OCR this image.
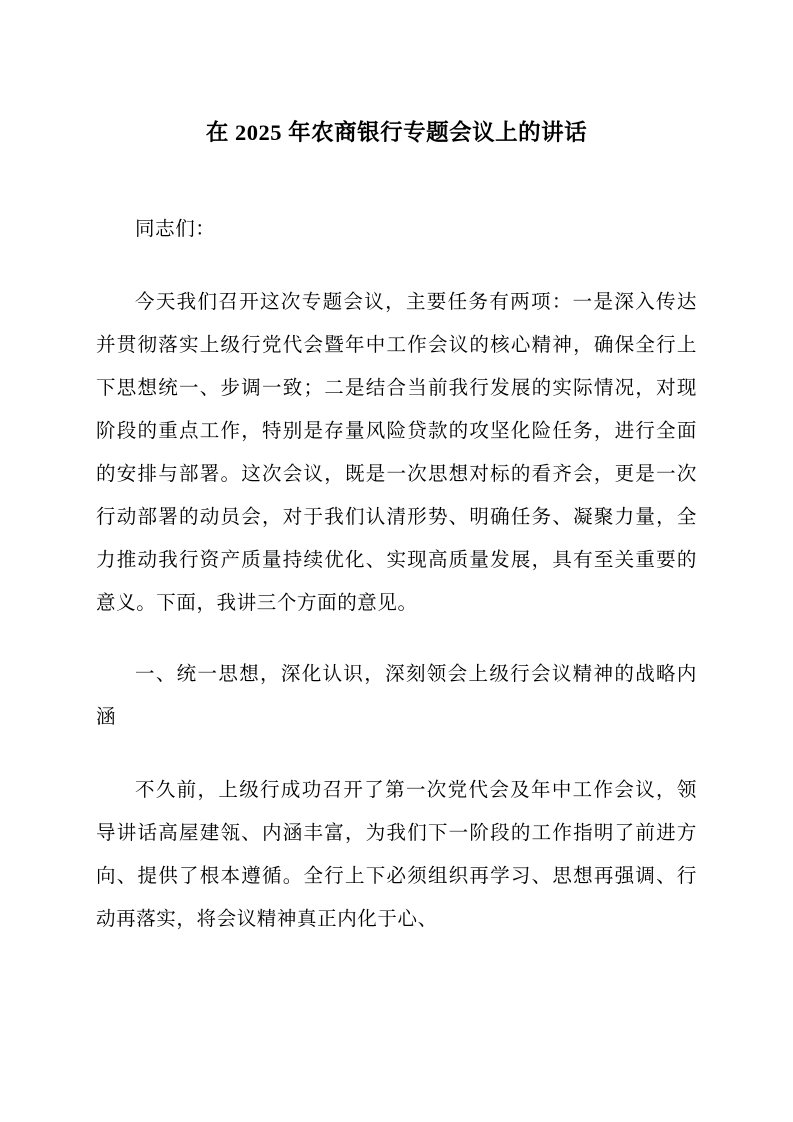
在 2025 年农商银行专题会议上的讲话

同志们：

今天我们召开这次专题会议，主要任务有两项：一是深入传达并贯彻落实上级行党代会暨年中工作会议的核心精神，确保全行上下思想统一、步调一致；二是结合当前我行发展的实际情况，对现阶段的重点工作，特别是存量风险贷款的攻坚化险任务，进行全面的安排与部署。这次会议，既是一次思想对标的看齐会，更是一次行动部署的动员会，对于我们认清形势、明确任务、凝聚力量，全力推动我行资产质量持续优化、实现高质量发展，具有至关重要的意义。下面，我讲三个方面的意见。

一、统一思想，深化认识，深刻领会上级行会议精神的战略内涵

不久前，上级行成功召开了第一次党代会及年中工作会议，领导讲话高屋建瓴、内涵丰富，为我们下一阶段的工作指明了前进方向、提供了根本遵循。全行上下必须组织再学习、思想再强调、行动再落实，将会议精神真正内化于心、
